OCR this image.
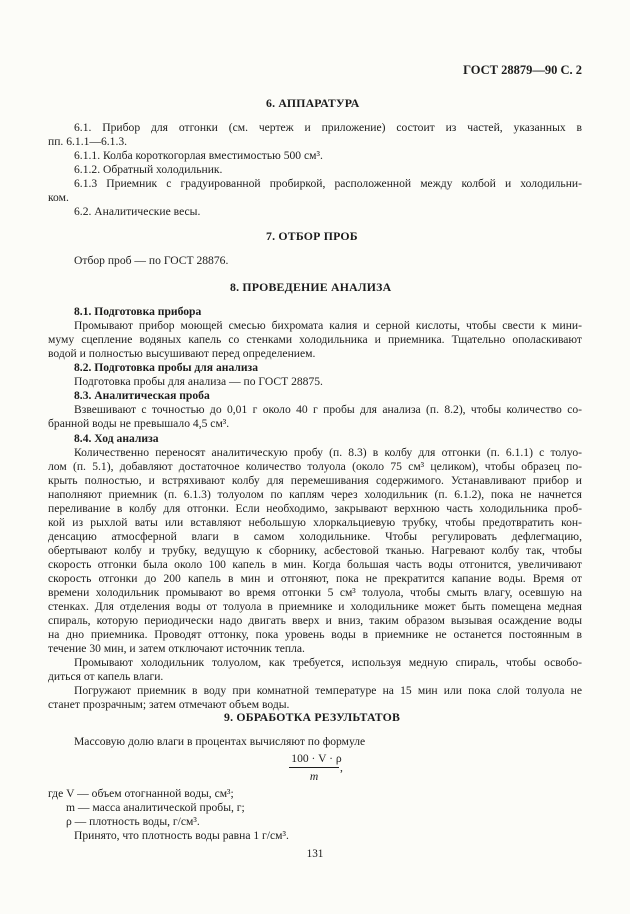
ГОСТ 28879—90 С. 2
6. АППАРАТУРА
6.1. Прибор для отгонки (см. чертеж и приложение) состоит из частей, указанных в
пп. 6.1.1—6.1.3.
6.1.1. Колба короткогорлая вместимостью 500 см³.
6.1.2. Обратный холодильник.
6.1.3 Приемник с градуированной пробиркой, расположенной между колбой и холодильни-
ком.
6.2. Аналитические весы.
7. ОТБОР ПРОБ
Отбор проб — по ГОСТ 28876.
8. ПРОВЕДЕНИЕ АНАЛИЗА
8.1. Подготовка прибора
Промывают прибор моющей смесью бихромата калия и серной кислоты, чтобы свести к мини-
муму сцепление водяных капель со стенками холодильника и приемника. Тщательно ополаскивают
водой и полностью высушивают перед определением.
8.2. Подготовка пробы для анализа
Подготовка пробы для анализа — по ГОСТ 28875.
8.3. Аналитическая проба
Взвешивают с точностью до 0,01 г около 40 г пробы для анализа (п. 8.2), чтобы количество со-
бранной воды не превышало 4,5 см³.
8.4. Ход анализа
Количественно переносят аналитическую пробу (п. 8.3) в колбу для отгонки (п. 6.1.1) с толуо-
лом (п. 5.1), добавляют достаточное количество толуола (около 75 см³ целиком), чтобы образец по-
крыть полностью, и встряхивают колбу для перемешивания содержимого. Устанавливают прибор и
наполняют приемник (п. 6.1.3) толуолом по каплям через холодильник (п. 6.1.2), пока не начнется
переливание в колбу для отгонки. Если необходимо, закрывают верхнюю часть холодильника проб-
кой из рыхлой ваты или вставляют небольшую хлоркальциевую трубку, чтобы предотвратить кон-
денсацию атмосферной влаги в самом холодильнике. Чтобы регулировать дефлегмацию,
обертывают колбу и трубку, ведущую к сборнику, асбестовой тканью. Нагревают колбу так, чтобы
скорость отгонки была около 100 капель в мин. Когда большая часть воды отгонится, увеличивают
скорость отгонки до 200 капель в мин и отгоняют, пока не прекратится капание воды. Время от
времени холодильник промывают во время отгонки 5 см³ толуола, чтобы смыть влагу, осевшую на
стенках. Для отделения воды от толуола в приемнике и холодильнике может быть помещена медная
спираль, которую периодически надо двигать вверх и вниз, таким образом вызывая осаждение воды
на дно приемника. Проводят оттонку, пока уровень воды в приемнике не останется постоянным в
течение 30 мин, и затем отключают источник тепла.
Промывают холодильник толуолом, как требуется, используя медную спираль, чтобы освобо-
диться от капель влаги.
Погружают приемник в воду при комнатной температуре на 15 мин или пока слой толуола не
станет прозрачным; затем отмечают объем воды.
9. ОБРАБОТКА РЕЗУЛЬТАТОВ
Массовую долю влаги в процентах вычисляют по формуле
100 · V · ρ
m
,
где V — объем отогнанной воды, см³;
m — масса аналитической пробы, г;
ρ — плотность воды, г/см³.
Принято, что плотность воды равна 1 г/см³.
131
